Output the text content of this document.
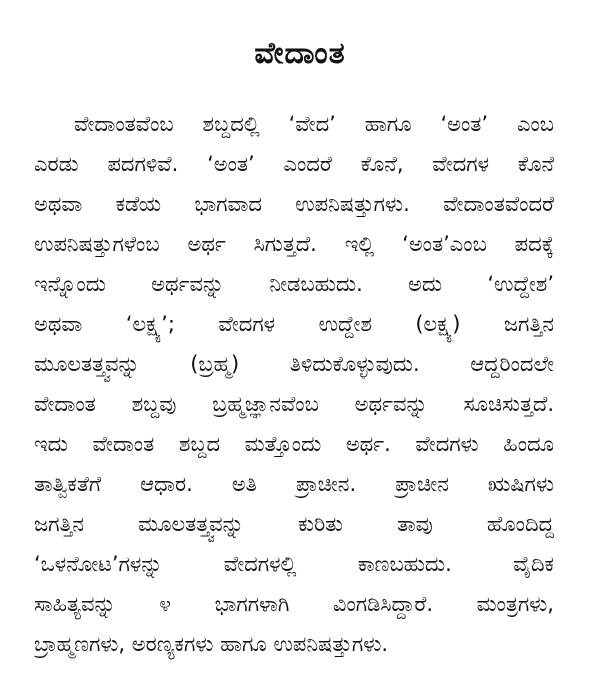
ವೇದಾಂತ
ವೇದಾಂತವೆಂಬ ಶಬ್ದದಲ್ಲಿ ‘ವೇದ’ ಹಾಗೂ ‘ಅಂತ’ ಎಂಬ
ಎರಡು ಪದಗಳಿವೆ. ‘ಅಂತ’ ಎಂದರೆ ಕೊನೆ, ವೇದಗಳ ಕೊನೆ
ಅಥವಾ ಕಡೆಯ ಭಾಗವಾದ ಉಪನಿಷತ್ತುಗಳು. ವೇದಾಂತವೆಂದರೆ
ಉಪನಿಷತ್ತುಗಳೆಂಬ ಅರ್ಥ ಸಿಗುತ್ತದೆ. ಇಲ್ಲಿ ‘ಅಂತ’ಎಂಬ ಪದಕ್ಕೆ
ಇನ್ನೊಂದು ಅರ್ಥವನ್ನು ನೀಡಬಹುದು. ಅದು ‘ಉದ್ದೇಶ’
ಅಥವಾ ‘ಲಕ್ಷ್ಯ’; ವೇದಗಳ ಉದ್ದೇಶ (ಲಕ್ಷ್ಯ) ಜಗತ್ತಿನ
ಮೂಲತತ್ತ್ವವನ್ನು (ಬ್ರಹ್ಮ) ತಿಳಿದುಕೊಳ್ಳುವುದು. ಆದ್ದರಿಂದಲೇ
ವೇದಾಂತ ಶಬ್ದವು ಬ್ರಹ್ಮಜ್ಞಾನವೆಂಬ ಅರ್ಥವನ್ನು ಸೂಚಿಸುತ್ತದೆ.
ಇದು ವೇದಾಂತ ಶಬ್ದದ ಮತ್ತೊಂದು ಅರ್ಥ. ವೇದಗಳು ಹಿಂದೂ
ತಾತ್ವಿಕತೆಗೆ ಆಧಾರ. ಅತಿ ಪ್ರಾಚೀನ. ಪ್ರಾಚೀನ ಋಷಿಗಳು
ಜಗತ್ತಿನ ಮೂಲತತ್ತ್ವವನ್ನು ಕುರಿತು ತಾವು ಹೊಂದಿದ್ದ
‘ಒಳನೋಟ’ಗಳನ್ನು ವೇದಗಳಲ್ಲಿ ಕಾಣಬಹುದು. ವೈದಿಕ
ಸಾಹಿತ್ಯವನ್ನು ೪ ಭಾಗಗಳಾಗಿ ವಿಂಗಡಿಸಿದ್ದಾರೆ. ಮಂತ್ರಗಳು,
ಬ್ರಾಹ್ಮಣಗಳು, ಅರಣ್ಯಕಗಳು ಹಾಗೂ ಉಪನಿಷತ್ತುಗಳು.
